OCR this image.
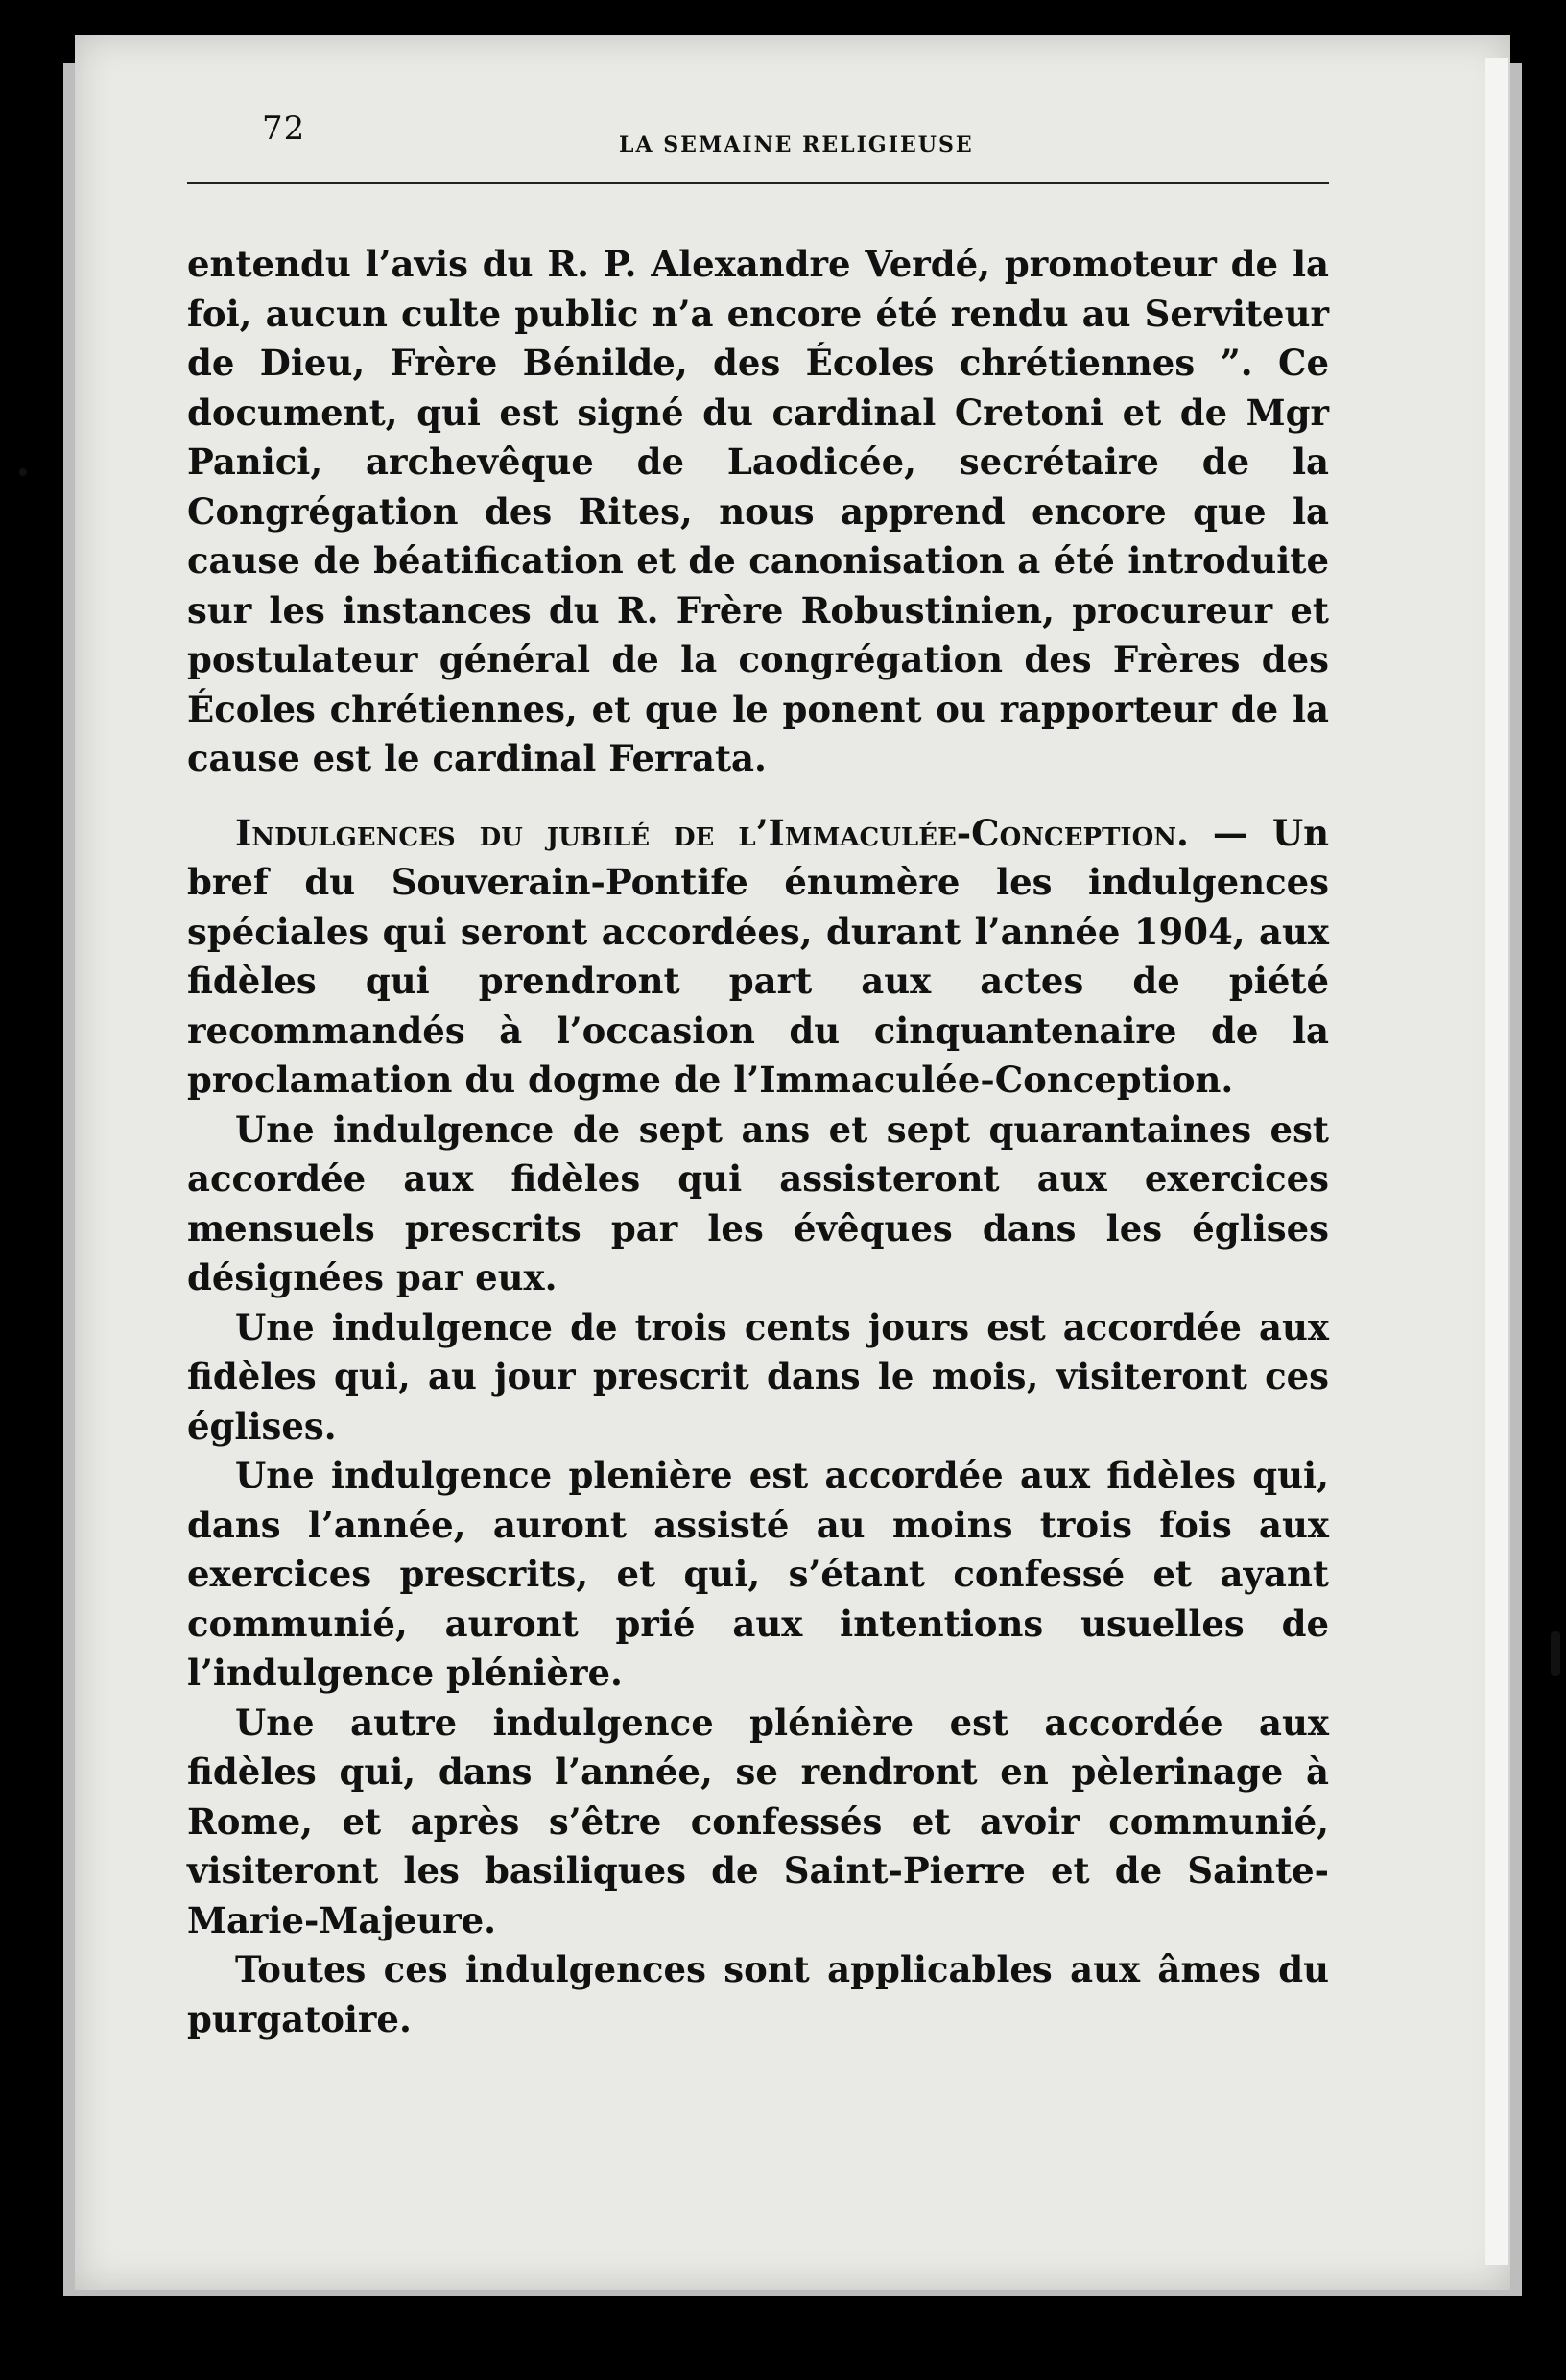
72	LA SEMAINE RELIGIEUSE

entendu l’avis du R. P. Alexandre Verdé, promoteur de la foi, aucun culte public n’a encore été rendu au Serviteur de Dieu, Frère Bénilde, des Écoles chrétiennes ”. Ce document, qui est signé du cardinal Cretoni et de Mgr Panici, archevêque de Laodicée, secrétaire de la Congrégation des Rites, nous apprend encore que la cause de béatification et de canonisation a été introduite sur les instances du R. Frère Robustinien, procureur et postulateur général de la congrégation des Frères des Écoles chrétiennes, et que le ponent ou rapporteur de la cause est le cardinal Ferrata.

Indulgences du jubilé de l’Immaculée-Conception. — Un bref du Souverain-Pontife énumère les indulgences spéciales qui seront accordées, durant l’année 1904, aux fidèles qui prendront part aux actes de piété recommandés à l’occasion du cinquantenaire de la proclamation du dogme de l’Immaculée-Conception.

Une indulgence de sept ans et sept quarantaines est accordée aux fidèles qui assisteront aux exercices mensuels prescrits par les évêques dans les églises désignées par eux.

Une indulgence de trois cents jours est accordée aux fidèles qui, au jour prescrit dans le mois, visiteront ces églises.

Une indulgence plenière est accordée aux fidèles qui, dans l’année, auront assisté au moins trois fois aux exercices prescrits, et qui, s’étant confessé et ayant communié, auront prié aux intentions usuelles de l’indulgence plénière.

Une autre indulgence plénière est accordée aux fidèles qui, dans l’année, se rendront en pèlerinage à Rome, et après s’être confessés et avoir communié, visiteront les basiliques de Saint-Pierre et de Sainte-Marie-Majeure.

Toutes ces indulgences sont applicables aux âmes du purgatoire.
